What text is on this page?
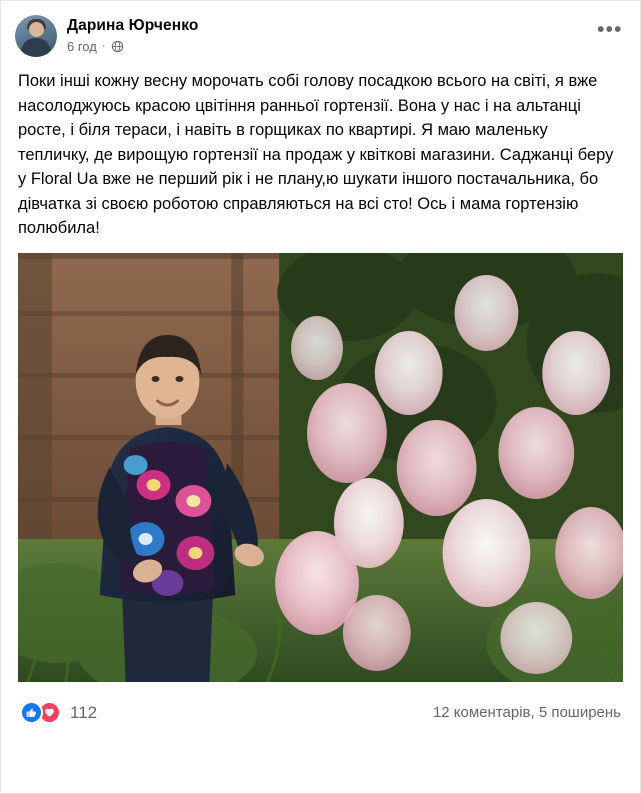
Дарина Юрченко
6 год ·
•••
Поки інші кожну весну морочать собі голову посадкою всього на світі, я вже насолоджуюсь красою цвітіння ранньої гортензії. Вона у нас і на альтанці росте, і біля тераси, і навіть в горщиках по квартирі. Я маю маленьку тепличку, де вирощую гортензії на продаж у квіткові магазини. Саджанці беру у Floral Ua вже не перший рік і не плану,ю шукати іншого постачальника, бо дівчатка зі своєю роботою справляються на всі сто! Ось і мама гортензію полюбила!
112	12 коментарів, 5 поширень
